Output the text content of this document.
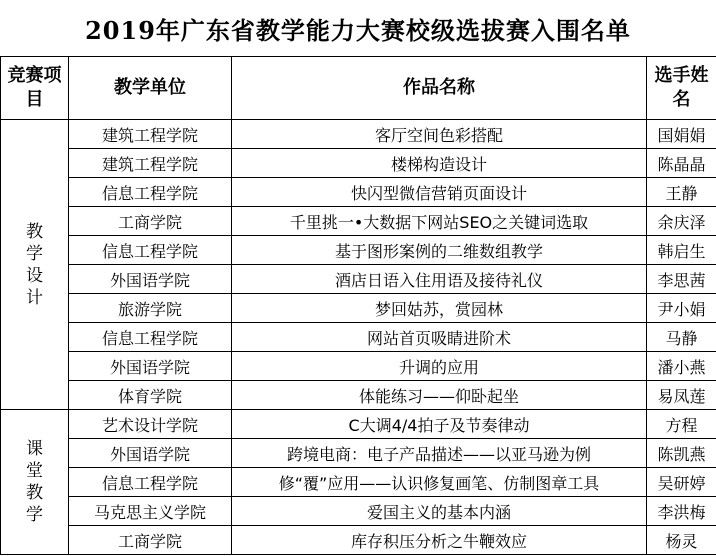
2019年广东省教学能力大赛校级选拔赛入围名单
竞赛项目	教学单位	作品名称	选手姓名

教
学
设
计	建筑工程学院	客厅空间色彩搭配	国娟娟
	建筑工程学院	楼梯构造设计	陈晶晶
	信息工程学院	快闪型微信营销页面设计	王静
	工商学院	千里挑一•大数据下网站SEO之关键词选取	余庆泽
	信息工程学院	基于图形案例的二维数组教学	韩启生
	外国语学院	酒店日语入住用语及接待礼仪	李思茜
	旅游学院	梦回姑苏，赏园林	尹小娟
	信息工程学院	网站首页吸睛进阶术	马静
	外国语学院	升调的应用	潘小燕
	体育学院	体能练习——仰卧起坐	易凤莲

课
堂
教
学	艺术设计学院	C大调4/4拍子及节奏律动	方程
	外国语学院	跨境电商：电子产品描述——以亚马逊为例	陈凯燕
	信息工程学院	修“覆”应用——认识修复画笔、仿制图章工具	吴研婷
	马克思主义学院	爱国主义的基本内涵	李洪梅
	工商学院	库存积压分析之牛鞭效应	杨灵
